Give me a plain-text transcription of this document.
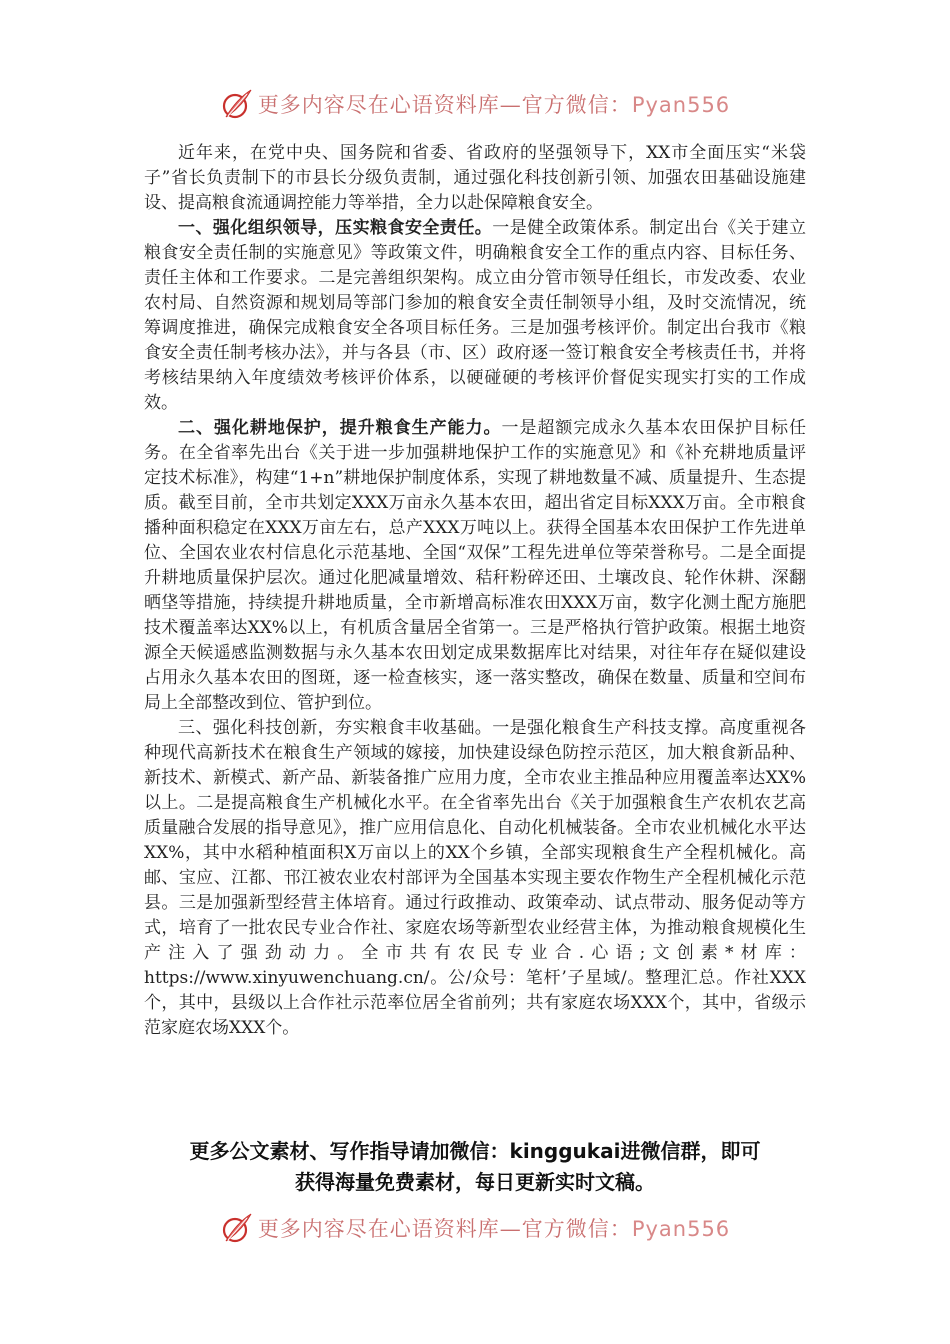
更多内容尽在心语资料库—官方微信：Pyan556

近年来，在党中央、国务院和省委、省政府的坚强领导下，XX市全面压实“米袋子”省长负责制下的市县长分级负责制，通过强化科技创新引领、加强农田基础设施建设、提高粮食流通调控能力等举措，全力以赴保障粮食安全。

一、强化组织领导，压实粮食安全责任。一是健全政策体系。制定出台《关于建立粮食安全责任制的实施意见》等政策文件，明确粮食安全工作的重点内容、目标任务、责任主体和工作要求。二是完善组织架构。成立由分管市领导任组长，市发改委、农业农村局、自然资源和规划局等部门参加的粮食安全责任制领导小组，及时交流情况，统筹调度推进，确保完成粮食安全各项目标任务。三是加强考核评价。制定出台我市《粮食安全责任制考核办法》，并与各县（市、区）政府逐一签订粮食安全考核责任书，并将考核结果纳入年度绩效考核评价体系，以硬碰硬的考核评价督促实现实打实的工作成效。

二、强化耕地保护，提升粮食生产能力。一是超额完成永久基本农田保护目标任务。在全省率先出台《关于进一步加强耕地保护工作的实施意见》和《补充耕地质量评定技术标准》，构建“1+n”耕地保护制度体系，实现了耕地数量不减、质量提升、生态提质。截至目前，全市共划定XXX万亩永久基本农田，超出省定目标XXX万亩。全市粮食播种面积稳定在XXX万亩左右，总产XXX万吨以上。获得全国基本农田保护工作先进单位、全国农业农村信息化示范基地、全国“双保”工程先进单位等荣誉称号。二是全面提升耕地质量保护层次。通过化肥减量增效、秸秆粉碎还田、土壤改良、轮作休耕、深翻晒垡等措施，持续提升耕地质量，全市新增高标准农田XXX万亩，数字化测土配方施肥技术覆盖率达XX%以上，有机质含量居全省第一。三是严格执行管护政策。根据土地资源全天候遥感监测数据与永久基本农田划定成果数据库比对结果，对往年存在疑似建设占用永久基本农田的图斑，逐一检查核实，逐一落实整改，确保在数量、质量和空间布局上全部整改到位、管护到位。

三、强化科技创新，夯实粮食丰收基础。一是强化粮食生产科技支撑。高度重视各种现代高新技术在粮食生产领域的嫁接，加快建设绿色防控示范区，加大粮食新品种、新技术、新模式、新产品、新装备推广应用力度，全市农业主推品种应用覆盖率达XX%以上。二是提高粮食生产机械化水平。在全省率先出台《关于加强粮食生产农机农艺高质量融合发展的指导意见》，推广应用信息化、自动化机械装备。全市农业机械化水平达XX%，其中水稻种植面积X万亩以上的XX个乡镇，全部实现粮食生产全程机械化。高邮、宝应、江都、邗江被农业农村部评为全国基本实现主要农作物生产全程机械化示范县。三是加强新型经营主体培育。通过行政推动、政策牵动、试点带动、服务促动等方式，培育了一批农民专业合作社、家庭农场等新型农业经营主体，为推动粮食规模化生产注入了强劲动力。全市共有农民专业合.心语;文创素*材库：https://www.xinyuwenchuang.cn/。公/众号：笔杆’子星域/。整理汇总。作社XXX个，其中，县级以上合作社示范率位居全省前列；共有家庭农场XXX个，其中，省级示范家庭农场XXX个。

更多公文素材、写作指导请加微信：kinggukai进微信群，即可
获得海量免费素材，每日更新实时文稿。
更多内容尽在心语资料库—官方微信：Pyan556
